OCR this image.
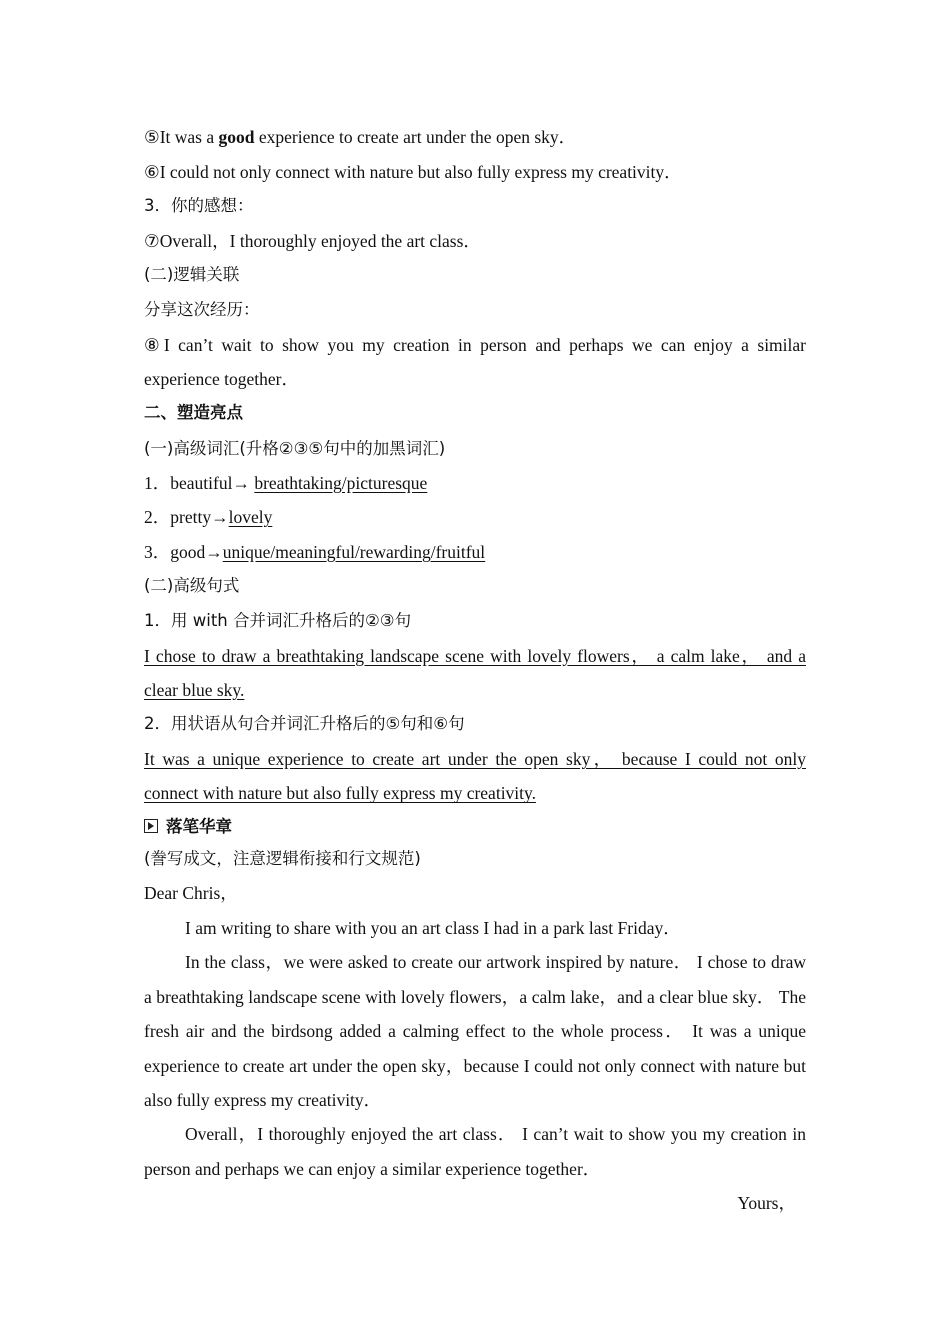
⑤It was a good experience to create art under the open sky．
⑥I could not only connect with nature but also fully express my creativity．
3．你的感想：
⑦Overall，I thoroughly enjoyed the art class．
(二)逻辑关联
分享这次经历：

⑧I can’t wait to show you my creation in person and perhaps we can enjoy a similar experience together．

二、塑造亮点
(一)高级词汇(升格②③⑤句中的加黑词汇)
1．beautiful→ breathtaking/picturesque
2．pretty→lovely
3．good→unique/meaningful/rewarding/fruitful
(二)高级句式
1．用 with 合并词汇升格后的②③句

I chose to draw a breathtaking landscape scene with lovely flowers， a calm lake， and a clear blue sky.

2．用状语从句合并词汇升格后的⑤句和⑥句

It was a unique experience to create art under the open sky， because I could not only connect with nature but also fully express my creativity.

落笔华章
(誊写成文，注意逻辑衔接和行文规范)
Dear Chris，

I am writing to share with you an art class I had in a park last Friday．

In the class，we were asked to create our artwork inspired by nature． I chose to draw a breathtaking landscape scene with lovely flowers，a calm lake，and a clear blue sky． The fresh air and the birdsong added a calming effect to the whole process． It was a unique experience to create art under the open sky，because I could not only connect with nature but also fully express my creativity．

Overall，I thoroughly enjoyed the art class． I can’t wait to show you my creation in person and perhaps we can enjoy a similar experience together．

Yours，
